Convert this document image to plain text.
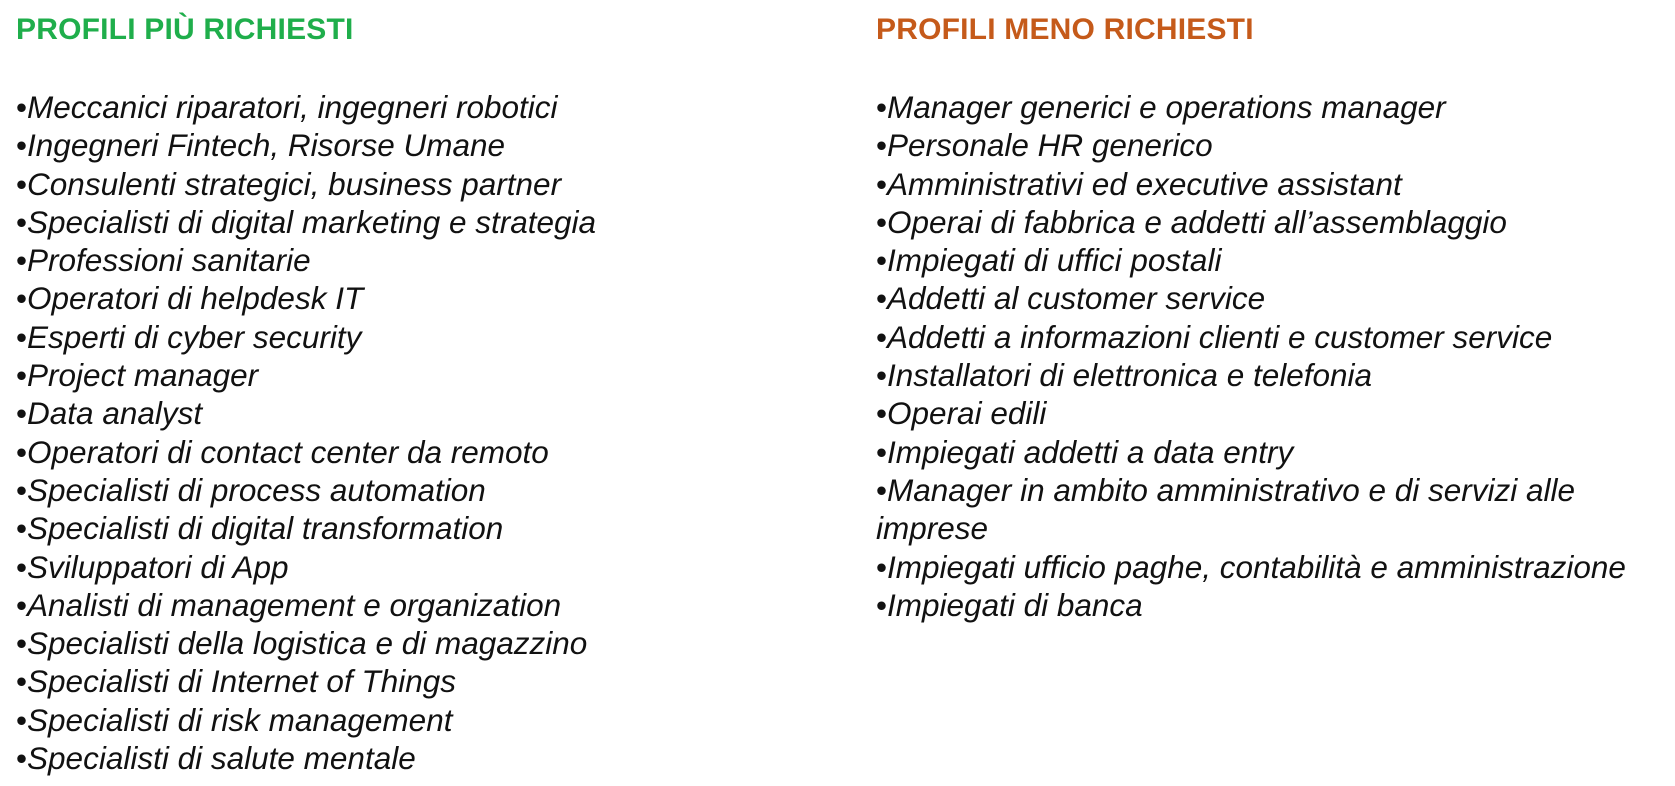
PROFILI PIÙ RICHIESTI
•Meccanici riparatori, ingegneri robotici
•Ingegneri Fintech, Risorse Umane
•Consulenti strategici, business partner
•Specialisti di digital marketing e strategia
•Professioni sanitarie
•Operatori di helpdesk IT
•Esperti di cyber security
•Project manager
•Data analyst
•Operatori di contact center da remoto
•Specialisti di process automation
•Specialisti di digital transformation
•Sviluppatori di App
•Analisti di management e organization
•Specialisti della logistica e di magazzino
•Specialisti di Internet of Things
•Specialisti di risk management
•Specialisti di salute mentale
PROFILI MENO RICHIESTI
•Manager generici e operations manager
•Personale HR generico
•Amministrativi ed executive assistant
•Operai di fabbrica e addetti all’assemblaggio
•Impiegati di uffici postali
•Addetti al customer service
•Addetti a informazioni clienti e customer service
•Installatori di elettronica e telefonia
•Operai edili
•Impiegati addetti a data entry
•Manager in ambito amministrativo e di servizi alle imprese
•Impiegati ufficio paghe, contabilità e amministrazione
•Impiegati di banca
